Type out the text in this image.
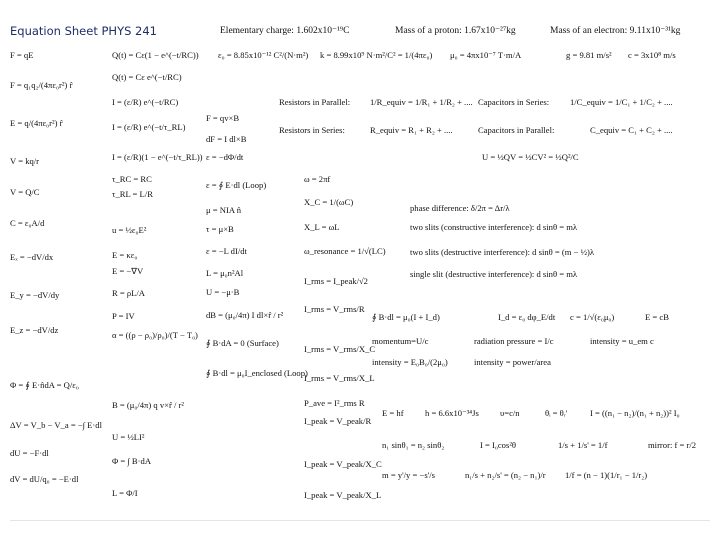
Equation Sheet PHYS 241	Elementary charge: 1.602x10⁻¹⁹C	Mass of a proton: 1.67x10⁻²⁷kg	Mass of an electron: 9.11x10⁻³¹kg
ε₀ = 8.85x10⁻¹² C²/(N·m²) k = 8.99x10⁹ N·m²/C² = 1/(4πε₀) μ₀ = 4πx10⁻⁷ T·m/A	g = 9.81 m/s² c = 3x10⁸ m/s
F = qE
F = q₁q₂/(4πε₀r²) r̂
E = q/(4πε₀r²) r̂
V = kq/r
V = Q/C
C = ε₀A/d
Eₓ = −dV/dx
E_y = −dV/dy
E_z = −dV/dz
Φ = ∮ E·n̂dA = Q/ε₀
ΔV = V_b − V_a = −∫ E·dl
dU = −F·dl
dV = dU/q₀ = −E·dl
Q(t) = Cε(1 − e^(−t/RC))
Q(t) = Cε e^(−t/RC)
I = (ε/R) e^(−t/RC)
I = (ε/R) e^(−t/τ_RL)
u = ½ε₀E²
E = κε₀
E = −∇V
R = ρL/A
P = IV
α = ((ρ − ρ₀)/ρ₀)/(T − T₀)
I = (ε/R)(1 − e^(−t/τ_RL))
τ_RC = RC
τ_RL = L/R
B = (μ₀/4π) q v×r̂ / r²
U = ½LI²
Φ = ∫ B·dA
L = Φ/I
F = qv×B
dF = I dl×B
ε = −dΦ/dt
ε = ∮ E·dl (Loop)
μ = NIA n̂
τ = μ×B
ε = −L dI/dt
L = μ₀n²Al
U = −μ·B
dB = (μ₀/4π) I dl×r̂ / r²
∮ B·dA = 0 (Surface)
∮ B·dl = μ₀I_enclosed (Loop)
ω = 2πf
X_C = 1/(ωC)
X_L = ωL
ω_resonance = 1/√(LC)
I_rms = I_peak/√2
I_rms = V_rms/R
I_rms = V_rms/X_C
I_rms = V_rms/X_L
P_ave = I²_rms R
I_peak = V_peak/R
I_peak = V_peak/X_C
I_peak = V_peak/X_L
Resistors in Parallel: 1/R_equiv = 1/R₁ + 1/R₂ + ....
Resistors in Series:	R_equiv = R₁ + R₂ + ....
Capacitors in Series: 1/C_equiv = 1/C₁ + 1/C₂ + ....
Capacitors in Parallel:	C_equiv = C₁ + C₂ + ....
U = ½QV = ½CV² = ½Q²/C
phase difference: δ/2π = Δr/λ
two slits (constructive interference): d sinθ = mλ
two slits (destructive interference): d sinθ = (m − ½)λ
single slit (destructive interference): d sinθ = mλ
∮ B·dl = μ₀(I + I_d)	I_d = ε₀ dφ_E/dt c = 1/√(ε₀μ₀)	E = cB
momentum=U/c	radiation pressure = I/c	intensity = u_em c
intensity = E₀B₀/(2μ₀)	intensity = power/area
E = hf h = 6.6x10⁻³⁴Js υ=c/n	θᵢ = θᵣ'	I = ((n₁ − n₂)/(n₁ + n₂))² I₀
n₁ sinθ₁ = n₂ sinθ₂	I = I₀cos²θ	1/s + 1/s' = 1/f	mirror: f = r/2
m = y'/y = −s'/s	n₁/s + n₂/s' = (n₂ − n₁)/r 1/f = (n − 1)(1/r₁ − 1/r₂)
